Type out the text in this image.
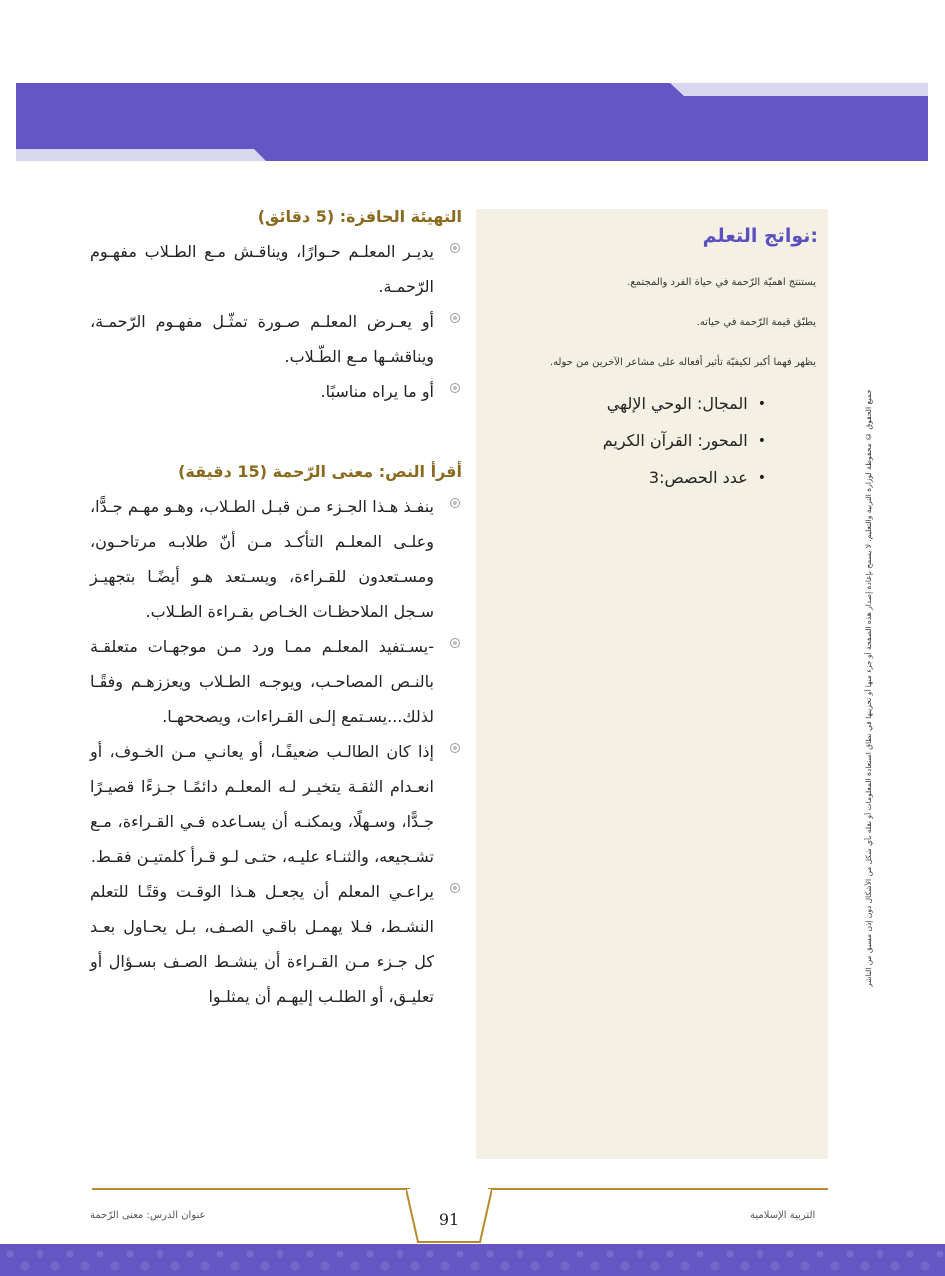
نواتج التعلم:
يستنتج اهميّة الرّحمة في حياة الفرد والمجتمع.
يطبّق قيمة الرّحمة في حياته.
يظهر فهما أكبر لكيفيّة تأثير أفعاله على مشاعر الآخرين من حوله.
•
المجال: الوحي الإلهي
•
المحور: القرآن الكريم
•
عدد الحصص:3	جميع الحقوق © محفوظة لوزارة التربية والتعليم. لا يسمح بإعادة إصدار هذه الصفحة أو جزء منها أو تخزينها في نطاق استعادة المعلومات أو نقله بأي شكل من الأشكال دون إذن مسبق من الناشر
التهيئة الحافزة: (5 دقائق)

يديـر المعلـم حـوارًا، ويناقـش مـع الطـلاب مفهـوم الرّحمـة.

أو يعـرض المعلـم صـورة تمثّـل مفهـوم الرّحمـة، ويناقشـها مـع الطّـلاب.

أو ما يراه مناسبًا.

أقرأ النص: معنى الرّحمة (15 دقيقة)

ينفـذ هـذا الجـزء مـن قبـل الطـلاب، وهـو مهـم جـدًّا، وعلـى المعلـم التأكـد مـن أنّ طلابـه مرتاحـون، ومسـتعدون للقـراءة، ويسـتعد هـو أيضًـا بتجهيـز سـجل الملاحظـات الخـاص بقـراءة الطـلاب.

-يسـتفيد المعلـم ممـا ورد مـن موجهـات متعلقـة بالنـص المصاحـب، ويوجـه الطـلاب ويعززهـم وفقًـا لذلك...يسـتمع إلـى القـراءات، ويصححهـا.

إذا كان الطالـب ضعيفًـا، أو يعانـي مـن الخـوف، أو انعـدام الثقـة يتخيـر لـه المعلـم دائمًـا جـزءًا قصيـرًا جـدًّا، وسـهلًا، ويمكنـه أن يسـاعده فـي القـراءة، مـع تشـجيعه، والثنـاء عليـه، حتـى لـو قـرأ كلمتيـن فقـط.

يراعـي المعلم أن يجعـل هـذا الوقـت وقتًـا للتعلم النشـط، فـلا يهمـل باقـي الصـف، بـل يحـاول بعـد كل جـزء مـن القـراءة أن ينشـط الصـف بسـؤال أو تعليـق، أو الطلـب إليهـم أن يمثلـوا

91
عنوان الدرس: معنى الرّحمة	التربية الإسلامية
